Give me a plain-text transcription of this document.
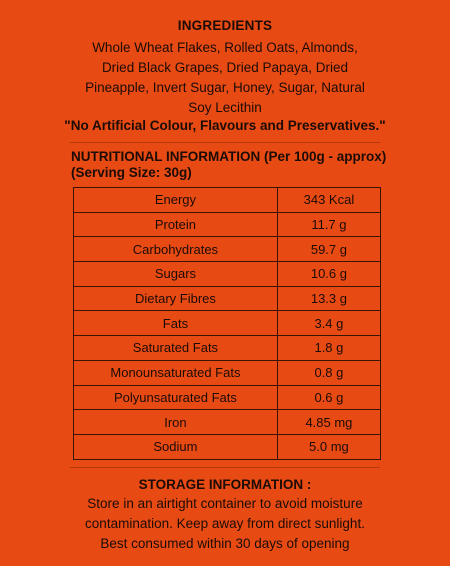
INGREDIENTS
Whole Wheat Flakes, Rolled Oats, Almonds, Dried Black Grapes, Dried Papaya, Dried Pineapple, Invert Sugar, Honey, Sugar, Natural Soy Lecithin
"No Artificial Colour, Flavours and Preservatives."
NUTRITIONAL INFORMATION (Per 100g - approx)
(Serving Size: 30g)
Energy	343 Kcal
Protein	11.7 g
Carbohydrates	59.7 g
Sugars	10.6 g
Dietary Fibres	13.3 g
Fats	3.4 g
Saturated Fats	1.8 g
Monounsaturated Fats	0.8 g
Polyunsaturated Fats	0.6 g
Iron	4.85 mg
Sodium	5.0 mg
STORAGE INFORMATION :
Store in an airtight container to avoid moisture contamination. Keep away from direct sunlight. Best consumed within 30 days of opening
